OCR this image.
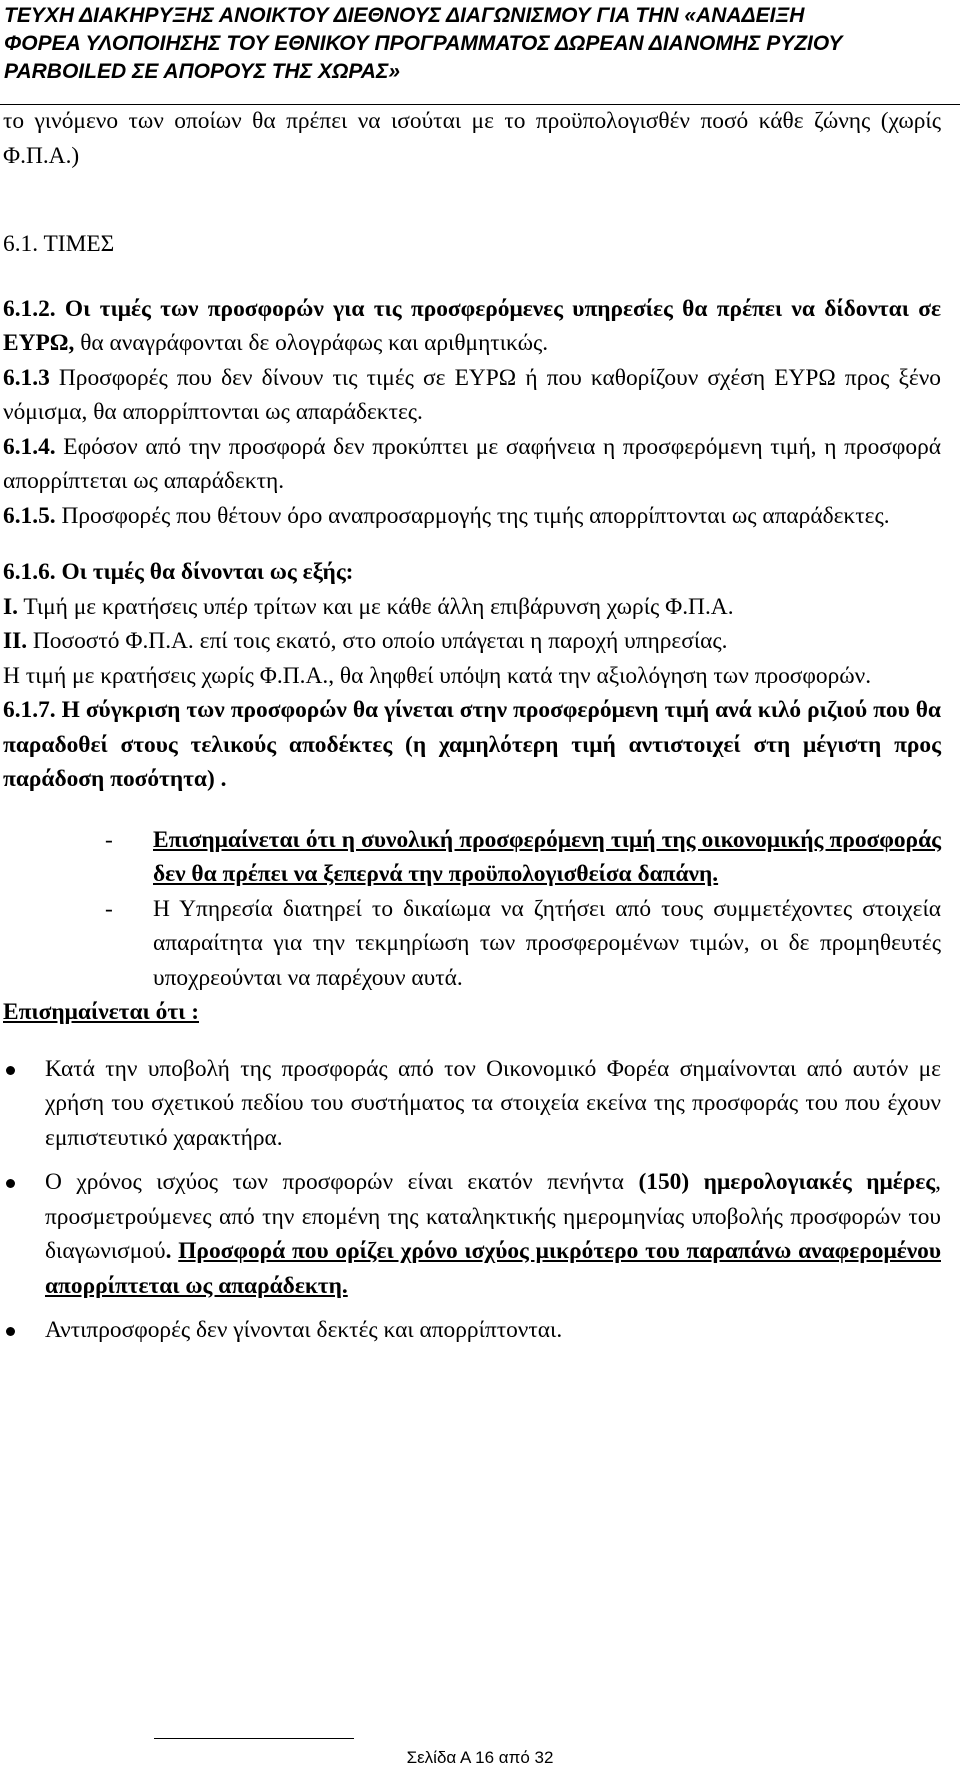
ΤΕΥΧΗ ΔΙΑΚΗΡΥΞΗΣ ΑΝΟΙΚΤΟΥ ΔΙΕΘΝΟΥΣ ΔΙΑΓΩΝΙΣΜΟΥ ΓΙΑ ΤΗΝ «ΑΝΑΔΕΙΞΗ
ΦΟΡΕΑ ΥΛΟΠΟΙΗΣΗΣ ΤΟΥ ΕΘΝΙΚΟΥ ΠΡΟΓΡΑΜΜΑΤΟΣ ΔΩΡΕΑΝ ΔΙΑΝΟΜΗΣ ΡΥΖΙΟΥ
PARBOILED ΣΕ ΑΠΟΡΟΥΣ ΤΗΣ ΧΩΡΑΣ»

το γινόμενο των οποίων θα πρέπει να ισούται με το προϋπολογισθέν ποσό κάθε ζώνης (χωρίς Φ.Π.Α.)

6.1. ΤΙΜΕΣ

6.1.2. Οι τιμές των προσφορών για τις προσφερόμενες υπηρεσίες θα πρέπει να δίδονται σε ΕΥΡΩ, θα αναγράφονται δε ολογράφως και αριθμητικώς.

6.1.3 Προσφορές που δεν δίνουν τις τιμές σε ΕΥΡΩ ή που καθορίζουν σχέση ΕΥΡΩ προς ξένο νόμισμα, θα απορρίπτονται ως απαράδεκτες.

6.1.4. Εφόσον από την προσφορά δεν προκύπτει με σαφήνεια η προσφερόμενη τιμή, η προσφορά απορρίπτεται ως απαράδεκτη.

6.1.5. Προσφορές που θέτουν όρο αναπροσαρμογής της τιμής απορρίπτονται ως απαράδεκτες.

6.1.6. Οι τιμές θα δίνονται ως εξής:

Ι. Τιμή με κρατήσεις υπέρ τρίτων και με κάθε άλλη επιβάρυνση χωρίς Φ.Π.Α.

ΙΙ. Ποσοστό Φ.Π.Α. επί τοις εκατό, στο οποίο υπάγεται η παροχή υπηρεσίας.

Η τιμή με κρατήσεις χωρίς Φ.Π.Α., θα ληφθεί υπόψη κατά την αξιολόγηση των προσφορών.

6.1.7. Η σύγκριση των προσφορών θα γίνεται στην προσφερόμενη τιμή ανά κιλό ριζιού που θα παραδοθεί στους τελικούς αποδέκτες (η χαμηλότερη τιμή αντιστοιχεί στη μέγιστη προς παράδοση ποσότητα) .

- Επισημαίνεται ότι η συνολική προσφερόμενη τιμή της οικονομικής προσφοράς δεν θα πρέπει να ξεπερνά την προϋπολογισθείσα δαπάνη.
- Η Υπηρεσία διατηρεί το δικαίωμα να ζητήσει από τους συμμετέχοντες στοιχεία απαραίτητα για την τεκμηρίωση των προσφερομένων τιμών, οι δε προμηθευτές υποχρεούνται να παρέχουν αυτά.

Επισημαίνεται ότι :

Κατά την υποβολή της προσφοράς από τον Οικονομικό Φορέα σημαίνονται από αυτόν με χρήση του σχετικού πεδίου του συστήματος τα στοιχεία εκείνα της προσφοράς του που έχουν εμπιστευτικό χαρακτήρα.
Ο χρόνος ισχύος των προσφορών είναι εκατόν πενήντα (150) ημερολογιακές ημέρες, προσμετρούμενες από την επομένη της καταληκτικής ημερομηνίας υποβολής προσφορών του διαγωνισμού. Προσφορά που ορίζει χρόνο ισχύος μικρότερο του παραπάνω αναφερομένου απορρίπτεται ως απαράδεκτη.
Αντιπροσφορές δεν γίνονται δεκτές και απορρίπτονται.
Σελίδα Α 16 από 32
